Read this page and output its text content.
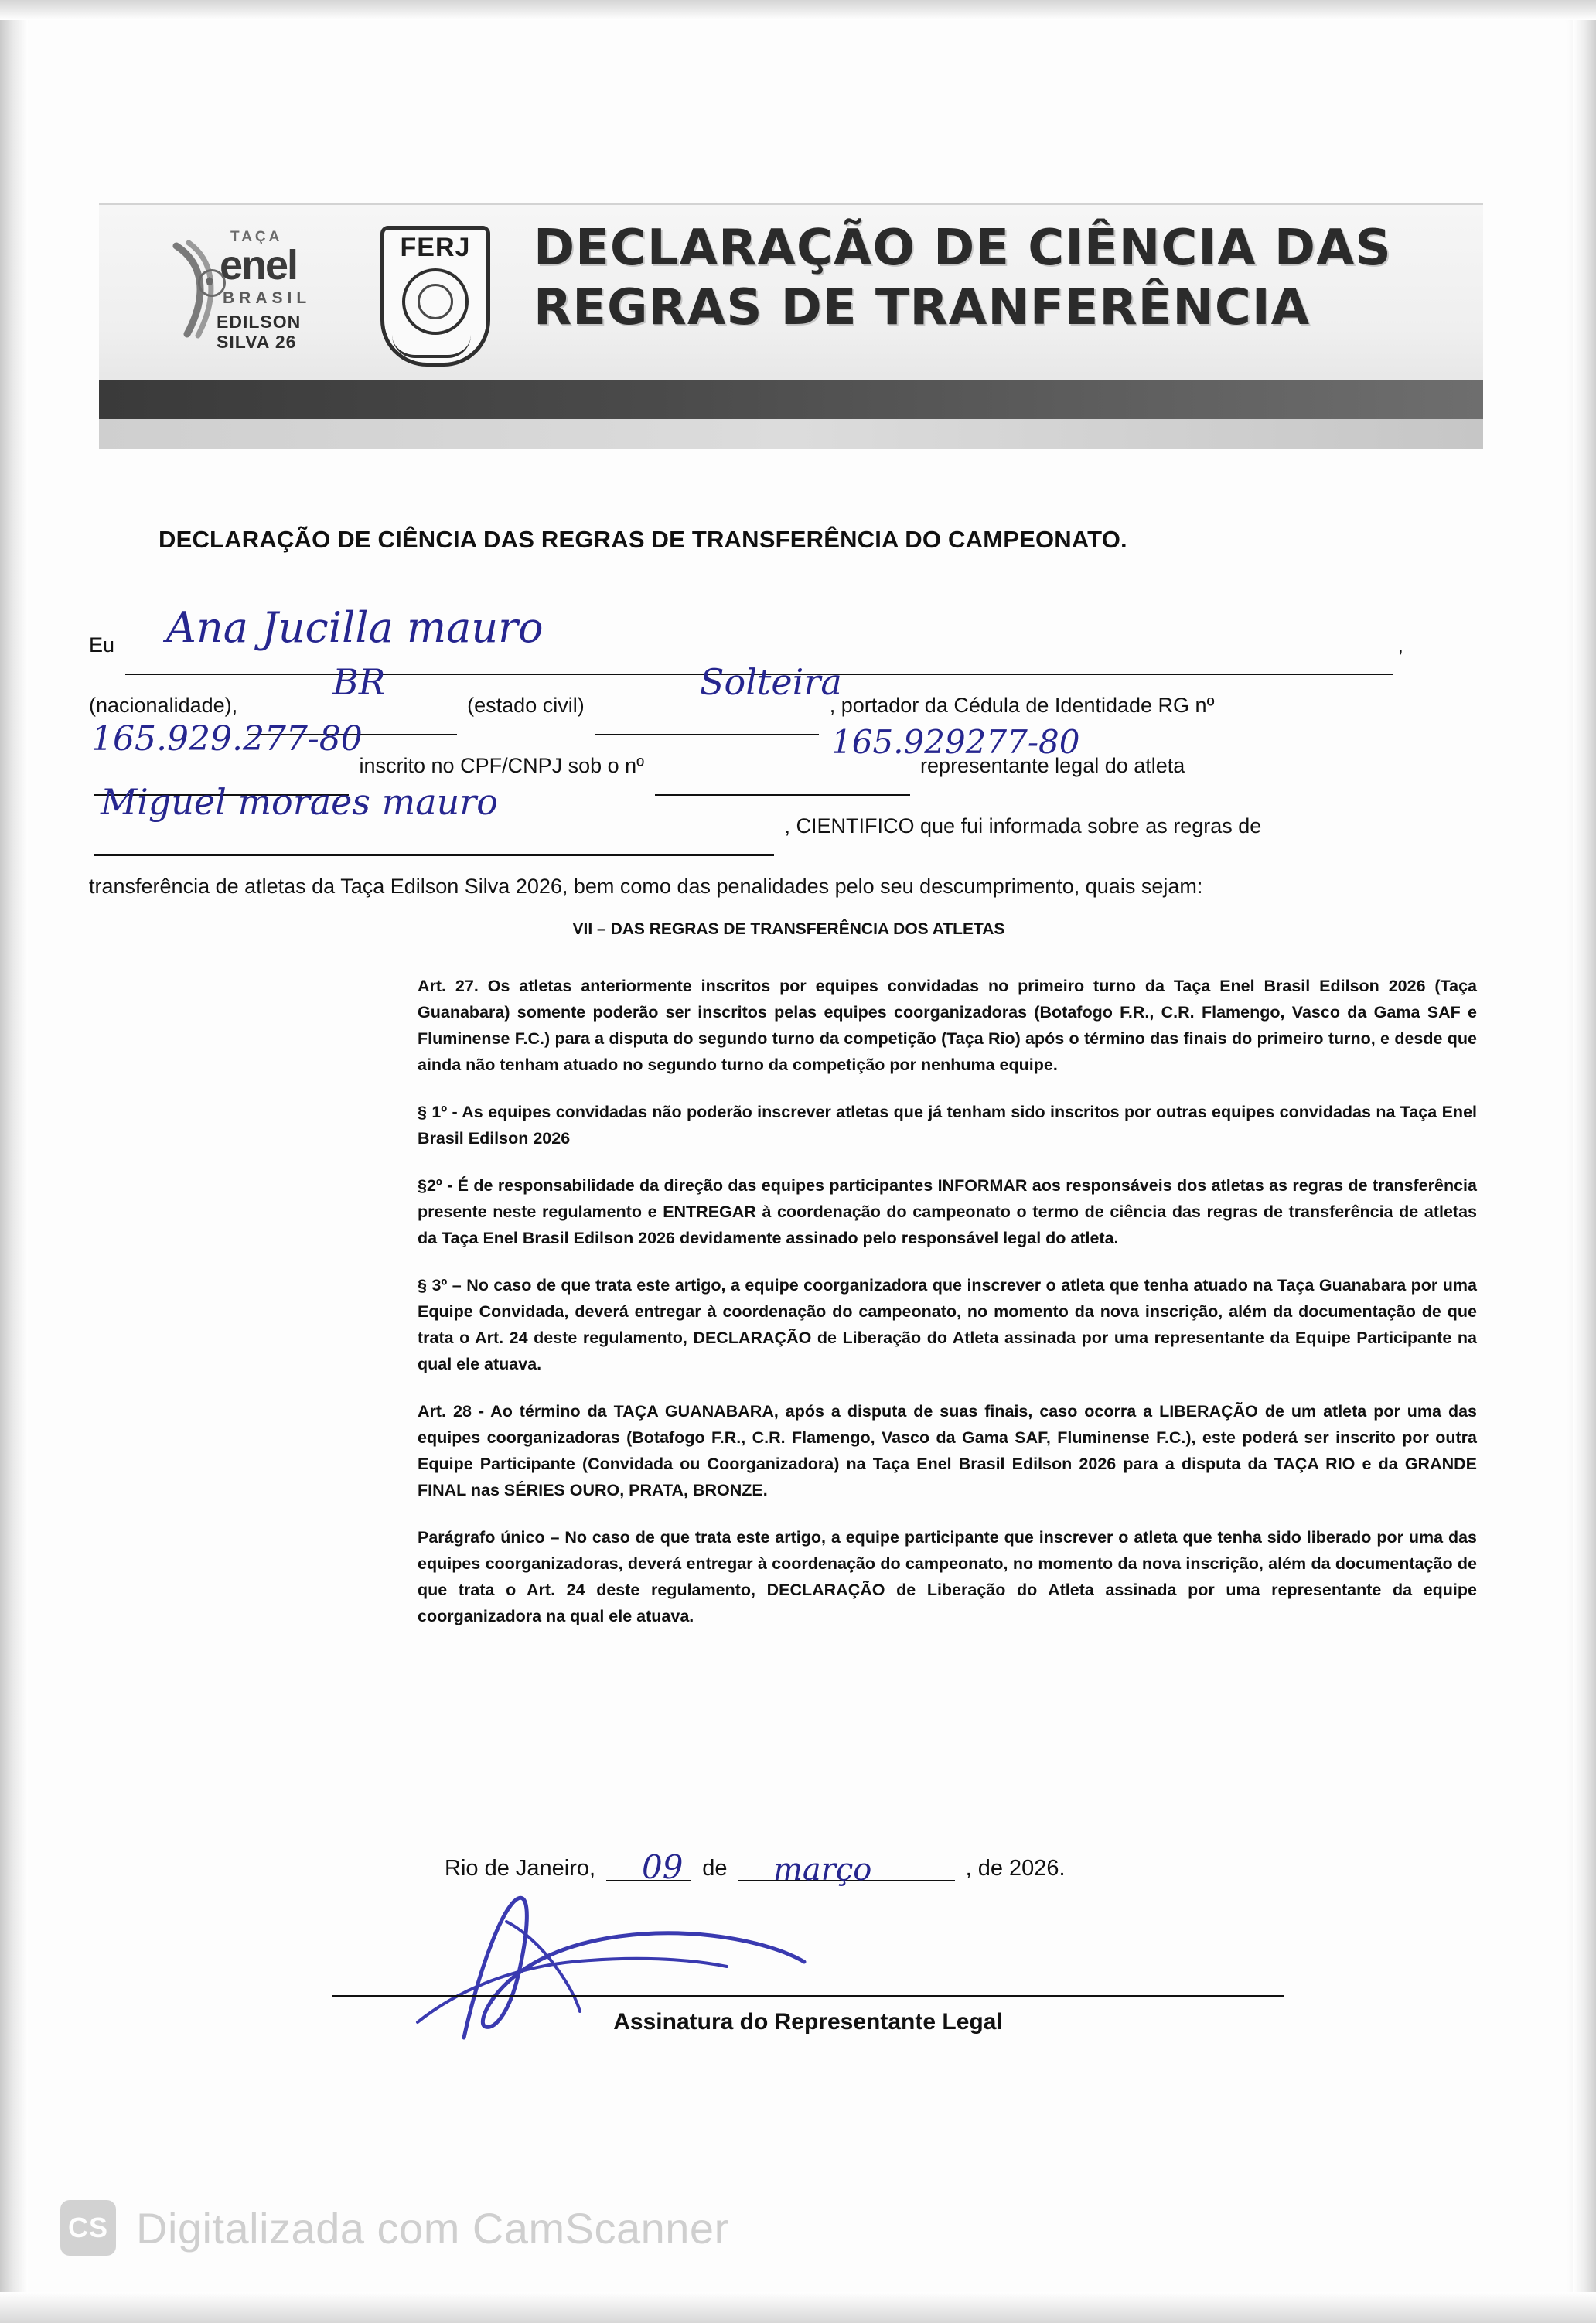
TAÇA
enel
BRASIL
EDILSON
SILVA 26
FERJ	DECLARAÇÃO DE CIÊNCIA DAS
REGRAS DE TRANFERÊNCIA
DECLARAÇÃO DE CIÊNCIA DAS REGRAS DE TRANSFERÊNCIA DO CAMPEONATO.
Eu	,
(nacionalidade),	(estado civil)	, portador da Cédula de Identidade RG nº
inscrito no CPF/CNPJ sob o nº	representante legal do atleta
, CIENTIFICO que fui informada sobre as regras de
transferência de atletas da Taça Edilson Silva 2026, bem como das penalidades pelo seu descumprimento, quais sejam:
Ana Jucilla mauro
BR	Solteira
165.929.277-80	165.929277-80
Miguel moraes mauro
VII – DAS REGRAS DE TRANSFERÊNCIA DOS ATLETAS

Art. 27. Os atletas anteriormente inscritos por equipes convidadas no primeiro turno da Taça Enel Brasil Edilson 2026 (Taça Guanabara) somente poderão ser inscritos pelas equipes coorganizadoras (Botafogo F.R., C.R. Flamengo, Vasco da Gama SAF e Fluminense F.C.) para a disputa do segundo turno da competição (Taça Rio) após o término das finais do primeiro turno, e desde que ainda não tenham atuado no segundo turno da competição por nenhuma equipe.

§ 1º - As equipes convidadas não poderão inscrever atletas que já tenham sido inscritos por outras equipes convidadas na Taça Enel Brasil Edilson 2026

§2º - É de responsabilidade da direção das equipes participantes INFORMAR aos responsáveis dos atletas as regras de transferência presente neste regulamento e ENTREGAR à coordenação do campeonato o termo de ciência das regras de transferência de atletas da Taça Enel Brasil Edilson 2026 devidamente assinado pelo responsável legal do atleta.

§ 3º – No caso de que trata este artigo, a equipe coorganizadora que inscrever o atleta que tenha atuado na Taça Guanabara por uma Equipe Convidada, deverá entregar à coordenação do campeonato, no momento da nova inscrição, além da documentação de que trata o Art. 24 deste regulamento, DECLARAÇÃO de Liberação do Atleta assinada por uma representante da Equipe Participante na qual ele atuava.

Art. 28 - Ao término da TAÇA GUANABARA, após a disputa de suas finais, caso ocorra a LIBERAÇÃO de um atleta por uma das equipes coorganizadoras (Botafogo F.R., C.R. Flamengo, Vasco da Gama SAF, Fluminense F.C.), este poderá ser inscrito por outra Equipe Participante (Convidada ou Coorganizadora) na Taça Enel Brasil Edilson 2026 para a disputa da TAÇA RIO e da GRANDE FINAL nas SÉRIES OURO, PRATA, BRONZE.

Parágrafo único – No caso de que trata este artigo, a equipe participante que inscrever o atleta que tenha sido liberado por uma das equipes coorganizadoras, deverá entregar à coordenação do campeonato, no momento da nova inscrição, além da documentação de que trata o Art. 24 deste regulamento, DECLARAÇÃO de Liberação do Atleta assinada por uma representante da equipe coorganizadora na qual ele atuava.

Rio de Janeiro,	de	, de 2026.
09	março
Assinatura do Representante Legal
CS Digitalizada com CamScanner
